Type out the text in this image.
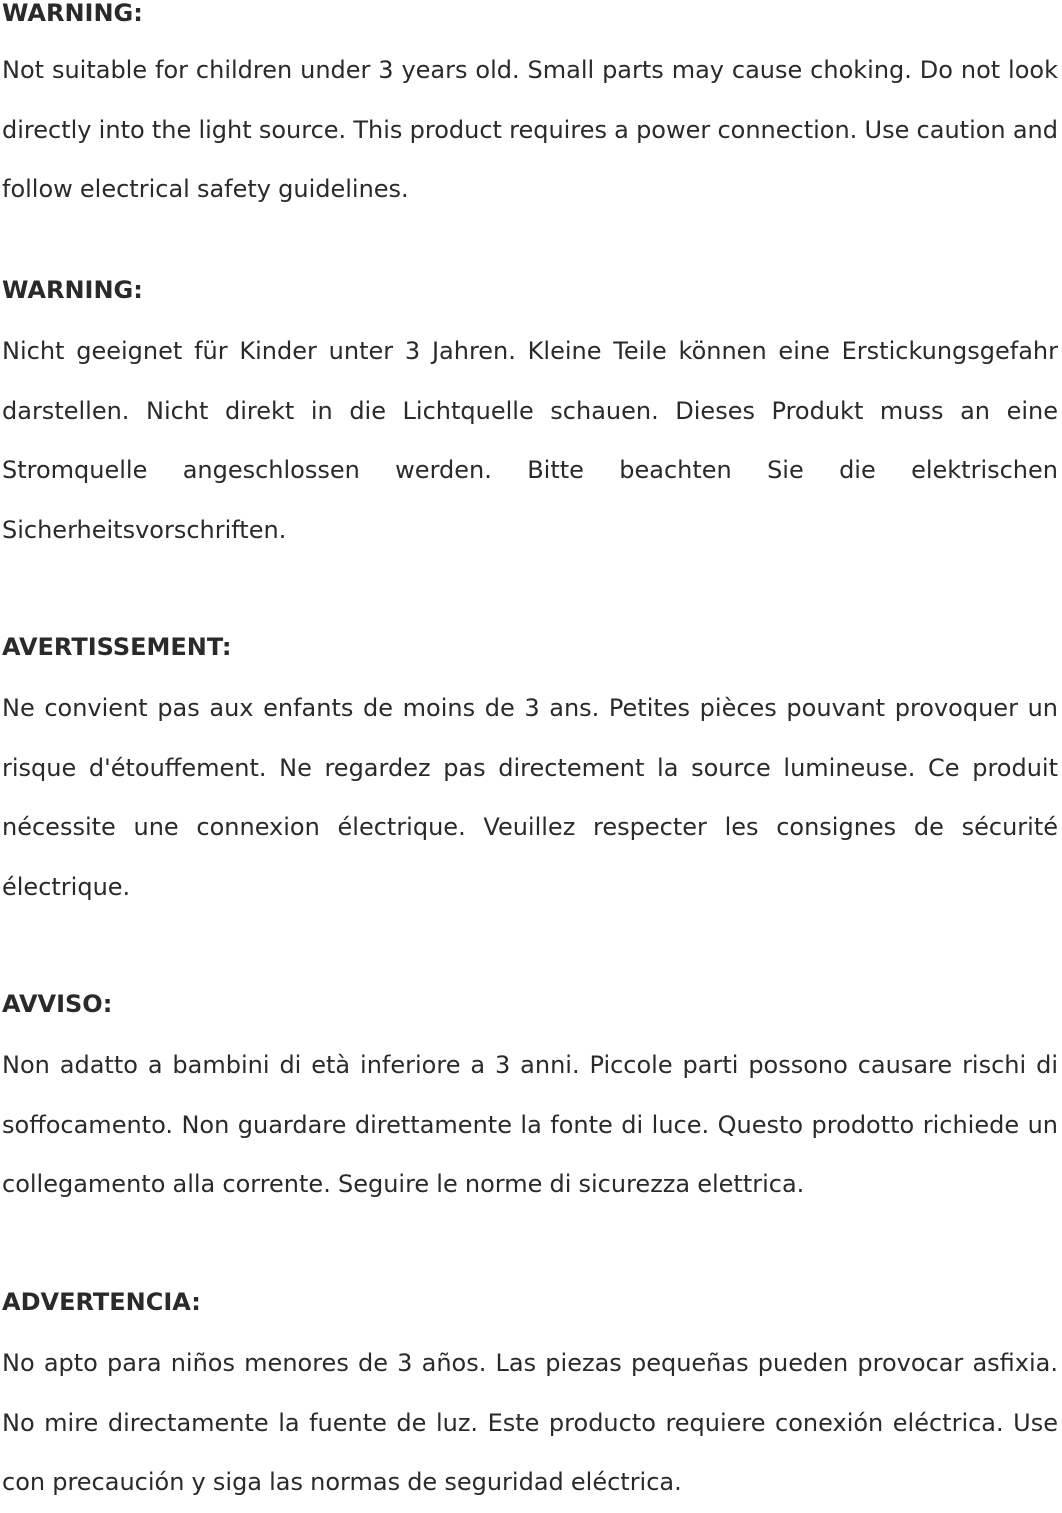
WARNING:

Not suitable for children under 3 years old. Small parts may cause choking. Do not look directly into the light source. This product requires a power connection. Use caution and follow electrical safety guidelines.

WARNING:

Nicht geeignet für Kinder unter 3 Jahren. Kleine Teile können eine Erstickungsgefahr darstellen. Nicht direkt in die Lichtquelle schauen. Dieses Produkt muss an eine Stromquelle angeschlossen werden. Bitte beachten Sie die elektrischen Sicherheitsvorschriften.

AVERTISSEMENT:

Ne convient pas aux enfants de moins de 3 ans. Petites pièces pouvant provoquer un risque d'étouffement. Ne regardez pas directement la source lumineuse. Ce produit nécessite une connexion électrique. Veuillez respecter les consignes de sécurité électrique.

AVVISO:

Non adatto a bambini di età inferiore a 3 anni. Piccole parti possono causare rischi di soffocamento. Non guardare direttamente la fonte di luce. Questo prodotto richiede un collegamento alla corrente. Seguire le norme di sicurezza elettrica.

ADVERTENCIA:

No apto para niños menores de 3 años. Las piezas pequeñas pueden provocar asfixia. No mire directamente la fuente de luz. Este producto requiere conexión eléctrica. Use con precaución y siga las normas de seguridad eléctrica.
